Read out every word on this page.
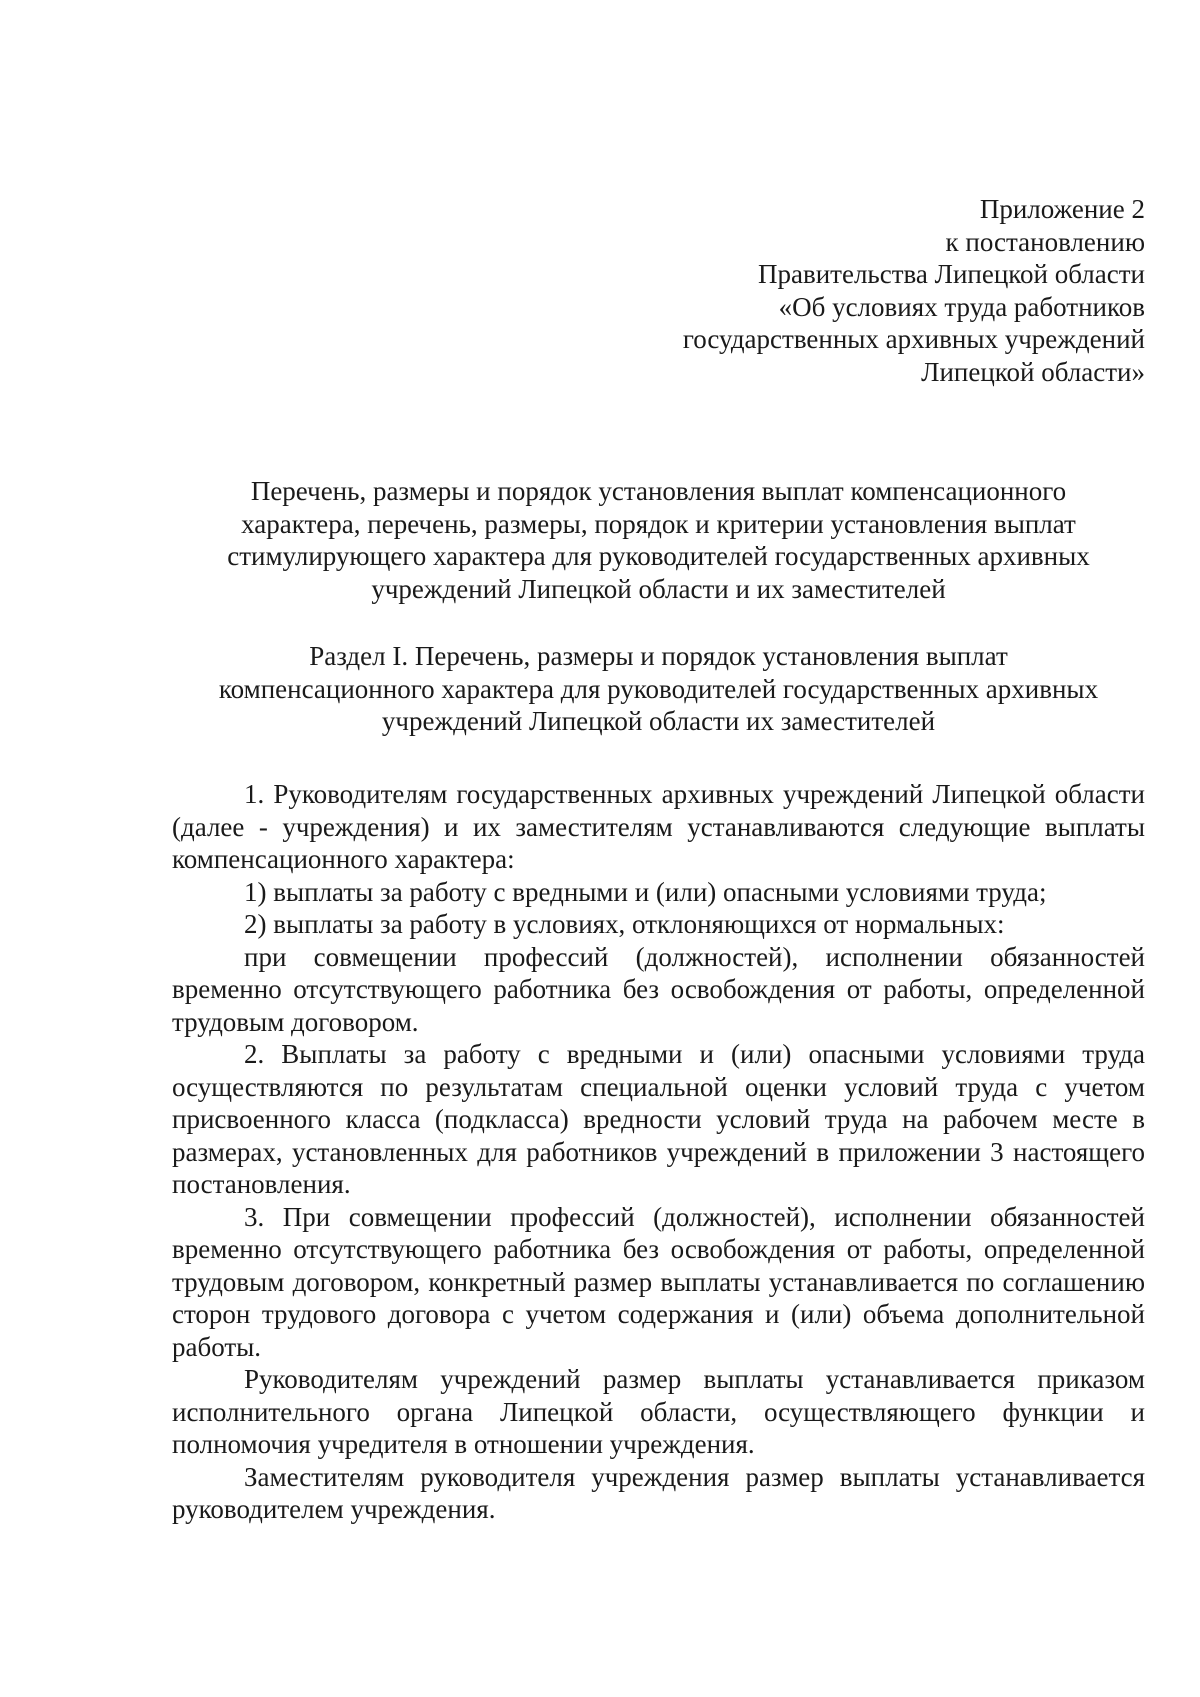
Приложение 2
к постановлению
Правительства Липецкой области
«Об условиях труда работников
государственных архивных учреждений
Липецкой области»
Перечень, размеры и порядок установления выплат компенсационного
характера, перечень, размеры, порядок и критерии установления выплат
стимулирующего характера для руководителей государственных архивных
учреждений Липецкой области и их заместителей
Раздел I. Перечень, размеры и порядок установления выплат
компенсационного характера для руководителей государственных архивных
учреждений Липецкой области их заместителей

1. Руководителям государственных архивных учреждений Липецкой области (далее - учреждения) и их заместителям устанавливаются следующие выплаты компенсационного характера:

1) выплаты за работу с вредными и (или) опасными условиями труда;

2) выплаты за работу в условиях, отклоняющихся от нормальных:

при совмещении профессий (должностей), исполнении обязанностей временно отсутствующего работника без освобождения от работы, определенной трудовым договором.

2. Выплаты за работу с вредными и (или) опасными условиями труда осуществляются по результатам специальной оценки условий труда с учетом присвоенного класса (подкласса) вредности условий труда на рабочем месте в размерах, установленных для работников учреждений в приложении 3 настоящего постановления.

3. При совмещении профессий (должностей), исполнении обязанностей временно отсутствующего работника без освобождения от работы, определенной трудовым договором, конкретный размер выплаты устанавливается по соглашению сторон трудового договора с учетом содержания и (или) объема дополнительной работы.

Руководителям учреждений размер выплаты устанавливается приказом исполнительного органа Липецкой области, осуществляющего функции и полномочия учредителя в отношении учреждения.

Заместителям руководителя учреждения размер выплаты устанавливается руководителем учреждения.
